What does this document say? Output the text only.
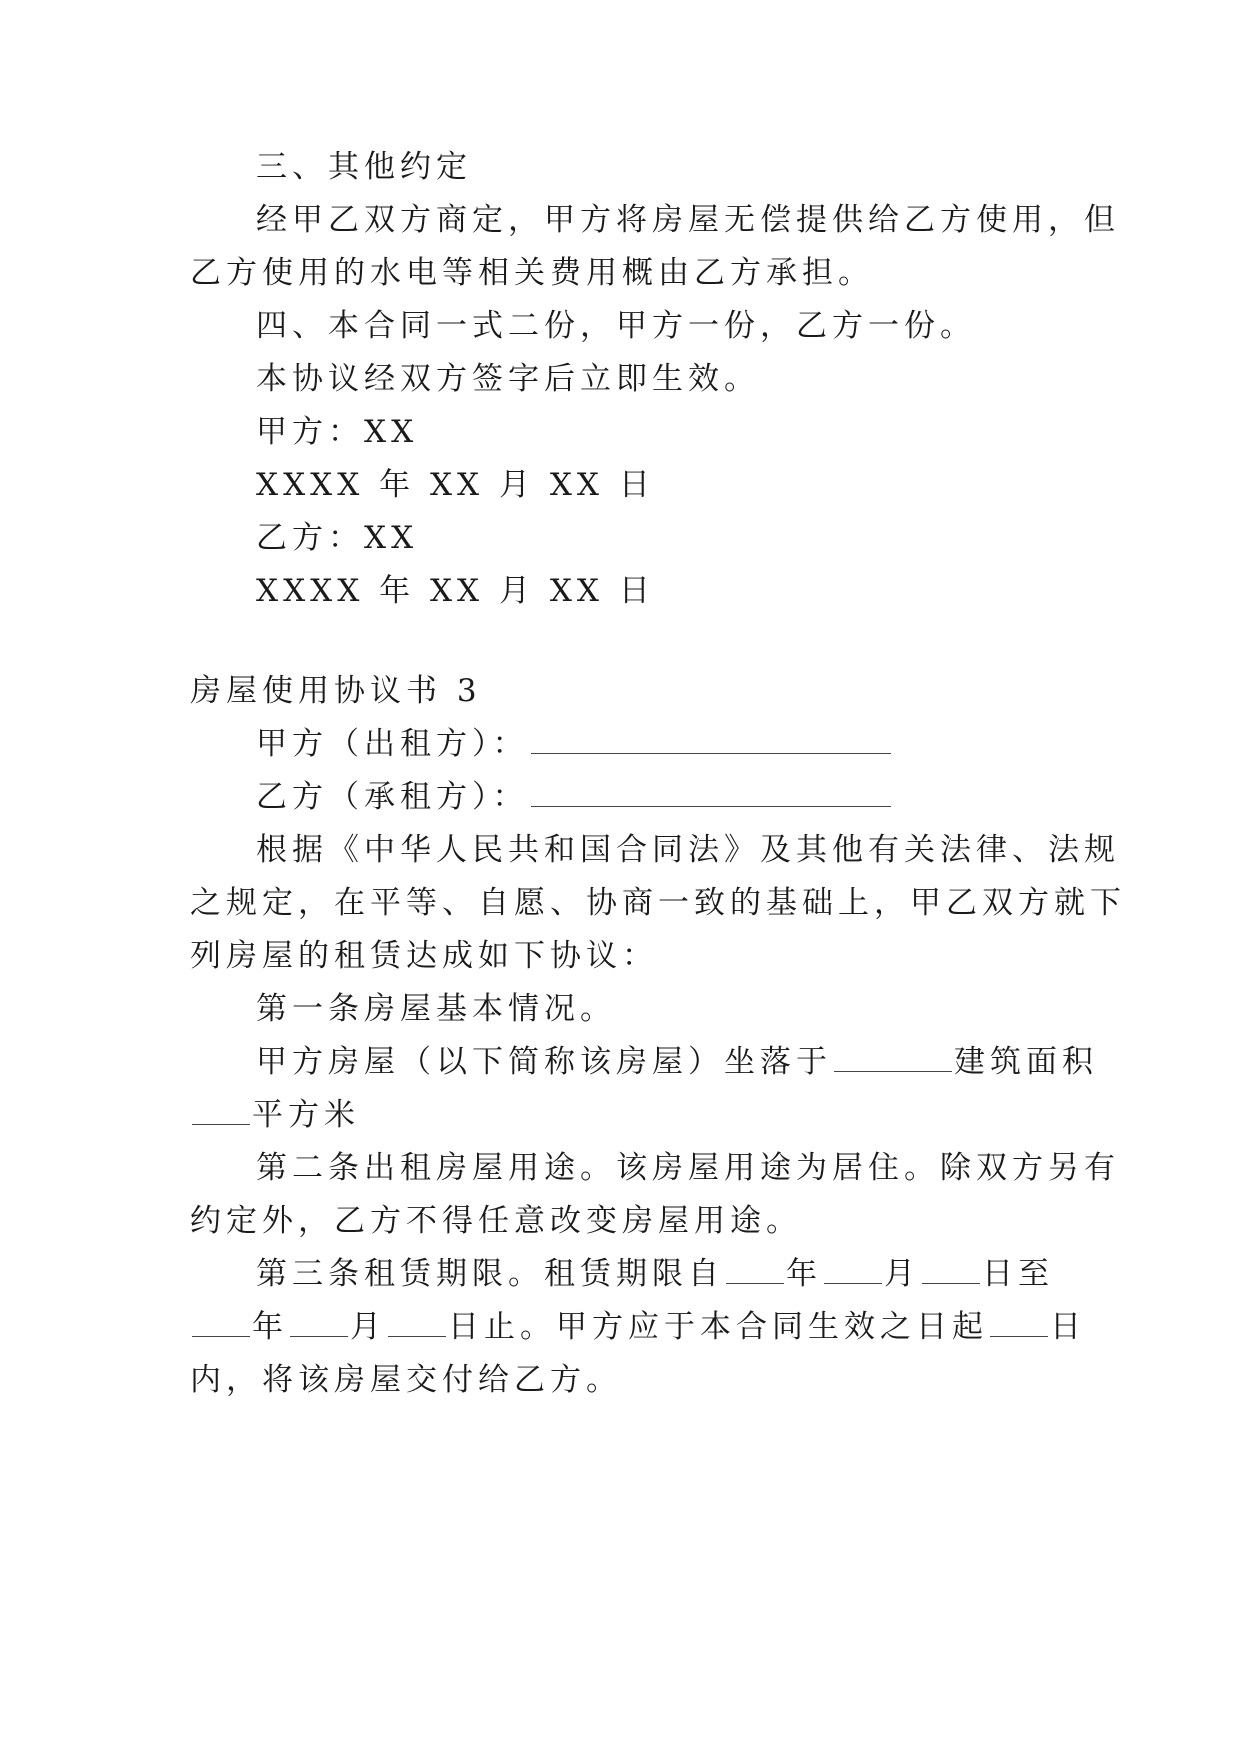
三、其他约定
经甲乙双方商定，甲方将房屋无偿提供给乙方使用，但
乙方使用的水电等相关费用概由乙方承担。
四、本合同一式二份，甲方一份，乙方一份。
本协议经双方签字后立即生效。
甲方：XX
XXXX 年 XX 月 XX 日
乙方：XX
XXXX 年 XX 月 XX 日
房屋使用协议书 3
甲方（出租方）：
乙方（承租方）：
根据《中华人民共和国合同法》及其他有关法律、法规
之规定，在平等、自愿、协商一致的基础上，甲乙双方就下
列房屋的租赁达成如下协议：
第一条房屋基本情况。
甲方房屋（以下简称该房屋）坐落于	建筑面积
平方米
第二条出租房屋用途。该房屋用途为居住。除双方另有
约定外，乙方不得任意改变房屋用途。
第三条租赁期限。租赁期限自 年 月 日至
年 月 日止。甲方应于本合同生效之日起 日
内，将该房屋交付给乙方。
